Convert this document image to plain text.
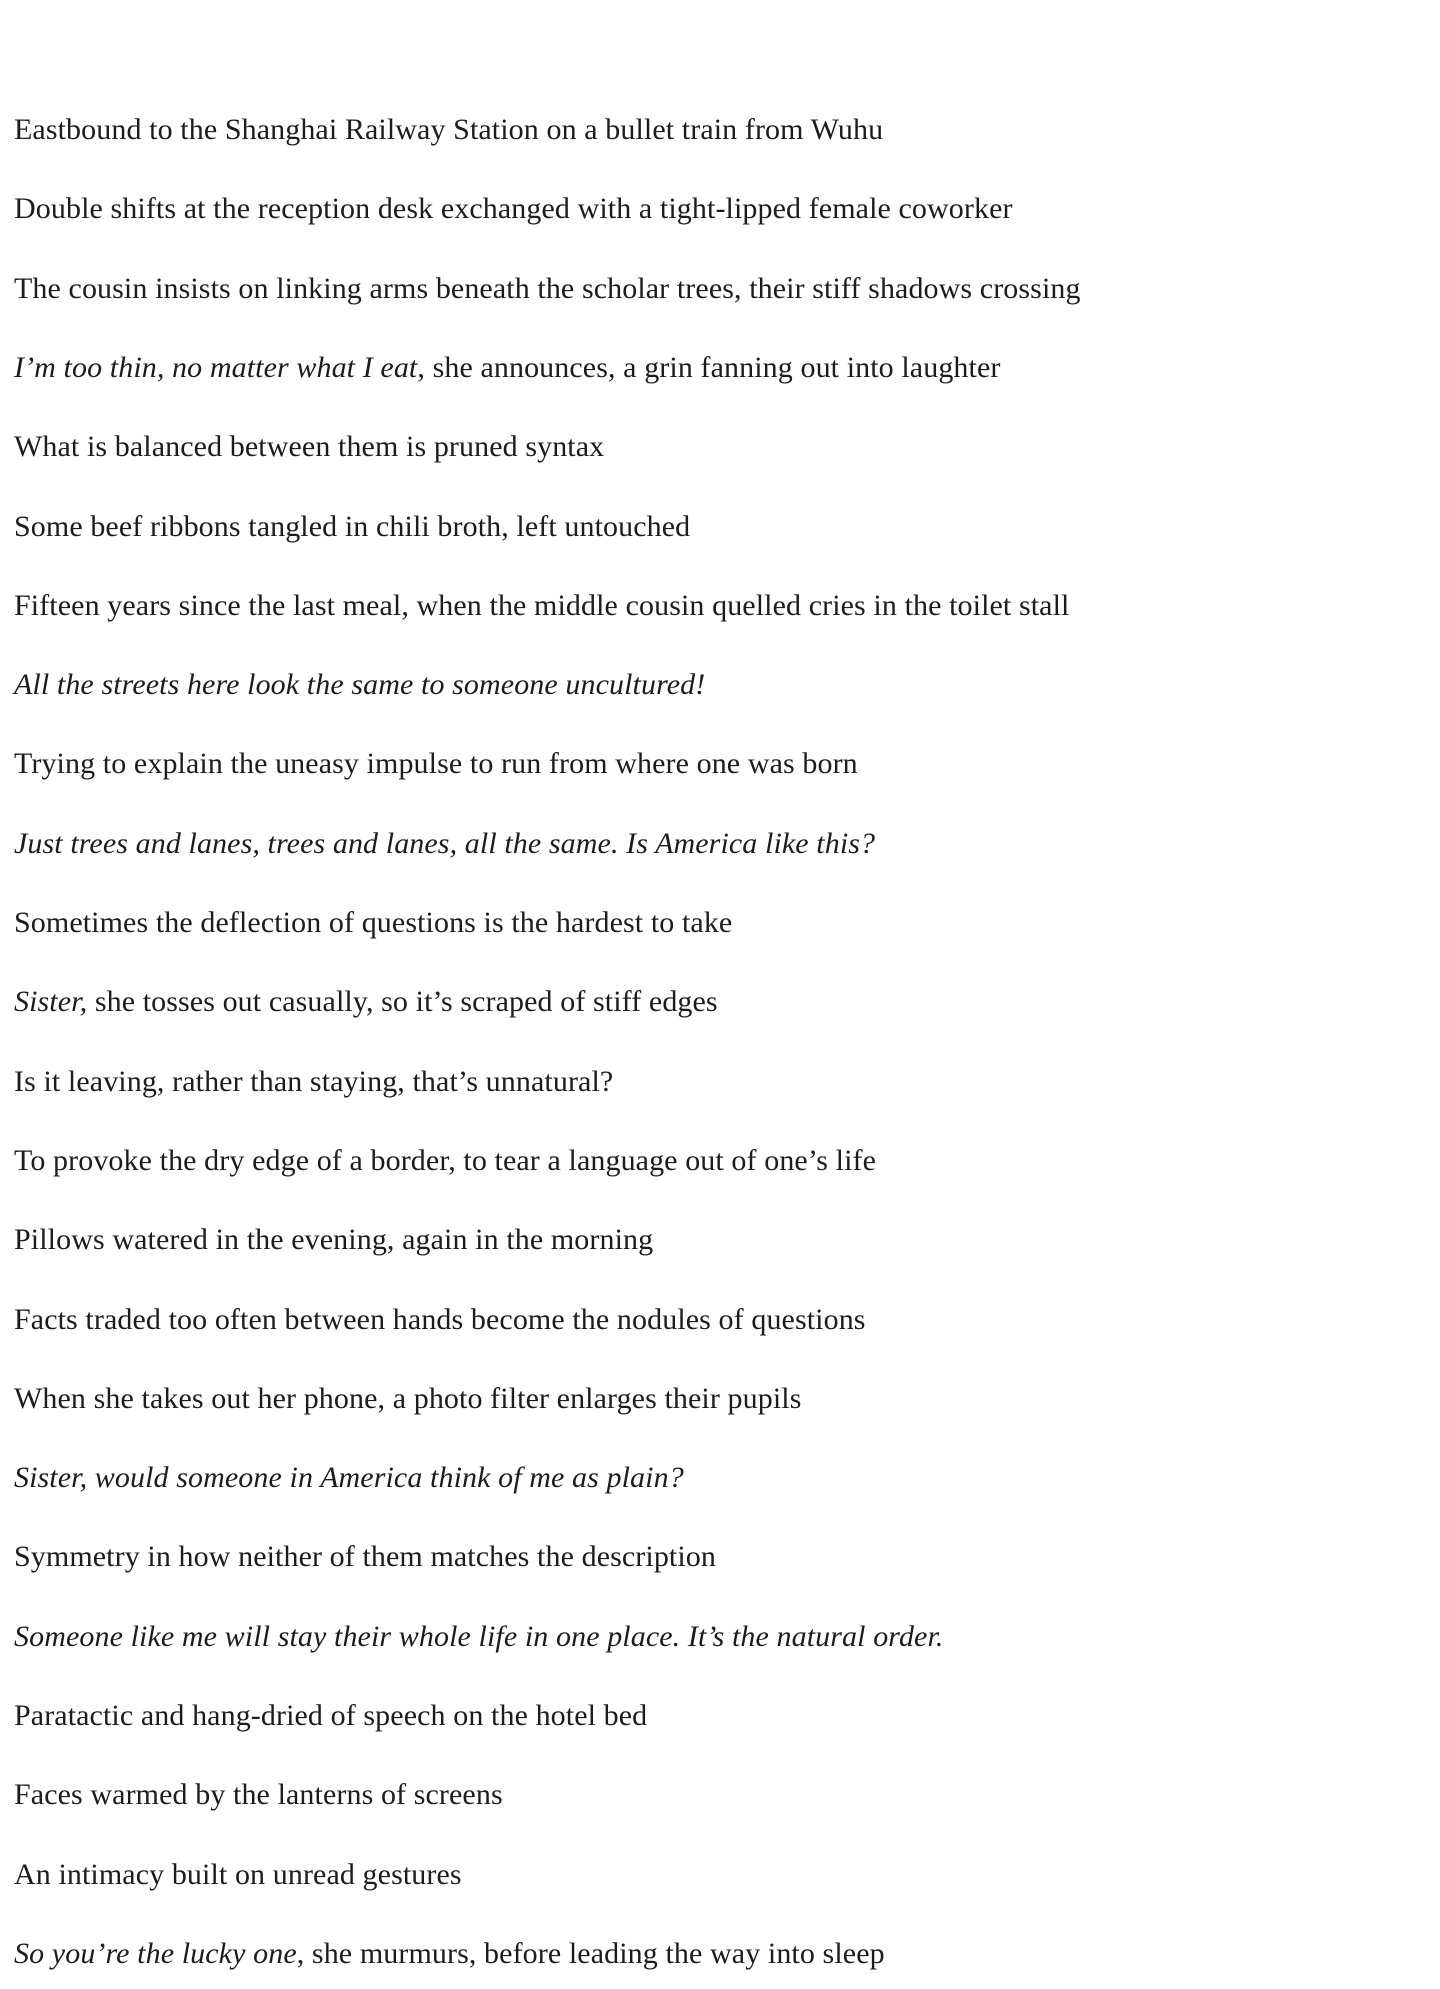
Eastbound to the Shanghai Railway Station on a bullet train from Wuhu

Double shifts at the reception desk exchanged with a tight-lipped female coworker

The cousin insists on linking arms beneath the scholar trees, their stiff shadows crossing

I’m too thin, no matter what I eat, she announces, a grin fanning out into laughter

What is balanced between them is pruned syntax

Some beef ribbons tangled in chili broth, left untouched

Fifteen years since the last meal, when the middle cousin quelled cries in the toilet stall

All the streets here look the same to someone uncultured!

Trying to explain the uneasy impulse to run from where one was born

Just trees and lanes, trees and lanes, all the same. Is America like this?

Sometimes the deflection of questions is the hardest to take

Sister, she tosses out casually, so it’s scraped of stiff edges

Is it leaving, rather than staying, that’s unnatural?

To provoke the dry edge of a border, to tear a language out of one’s life

Pillows watered in the evening, again in the morning

Facts traded too often between hands become the nodules of questions

When she takes out her phone, a photo filter enlarges their pupils

Sister, would someone in America think of me as plain?

Symmetry in how neither of them matches the description

Someone like me will stay their whole life in one place. It’s the natural order.

Paratactic and hang-dried of speech on the hotel bed

Faces warmed by the lanterns of screens

An intimacy built on unread gestures

So you’re the lucky one, she murmurs, before leading the way into sleep
